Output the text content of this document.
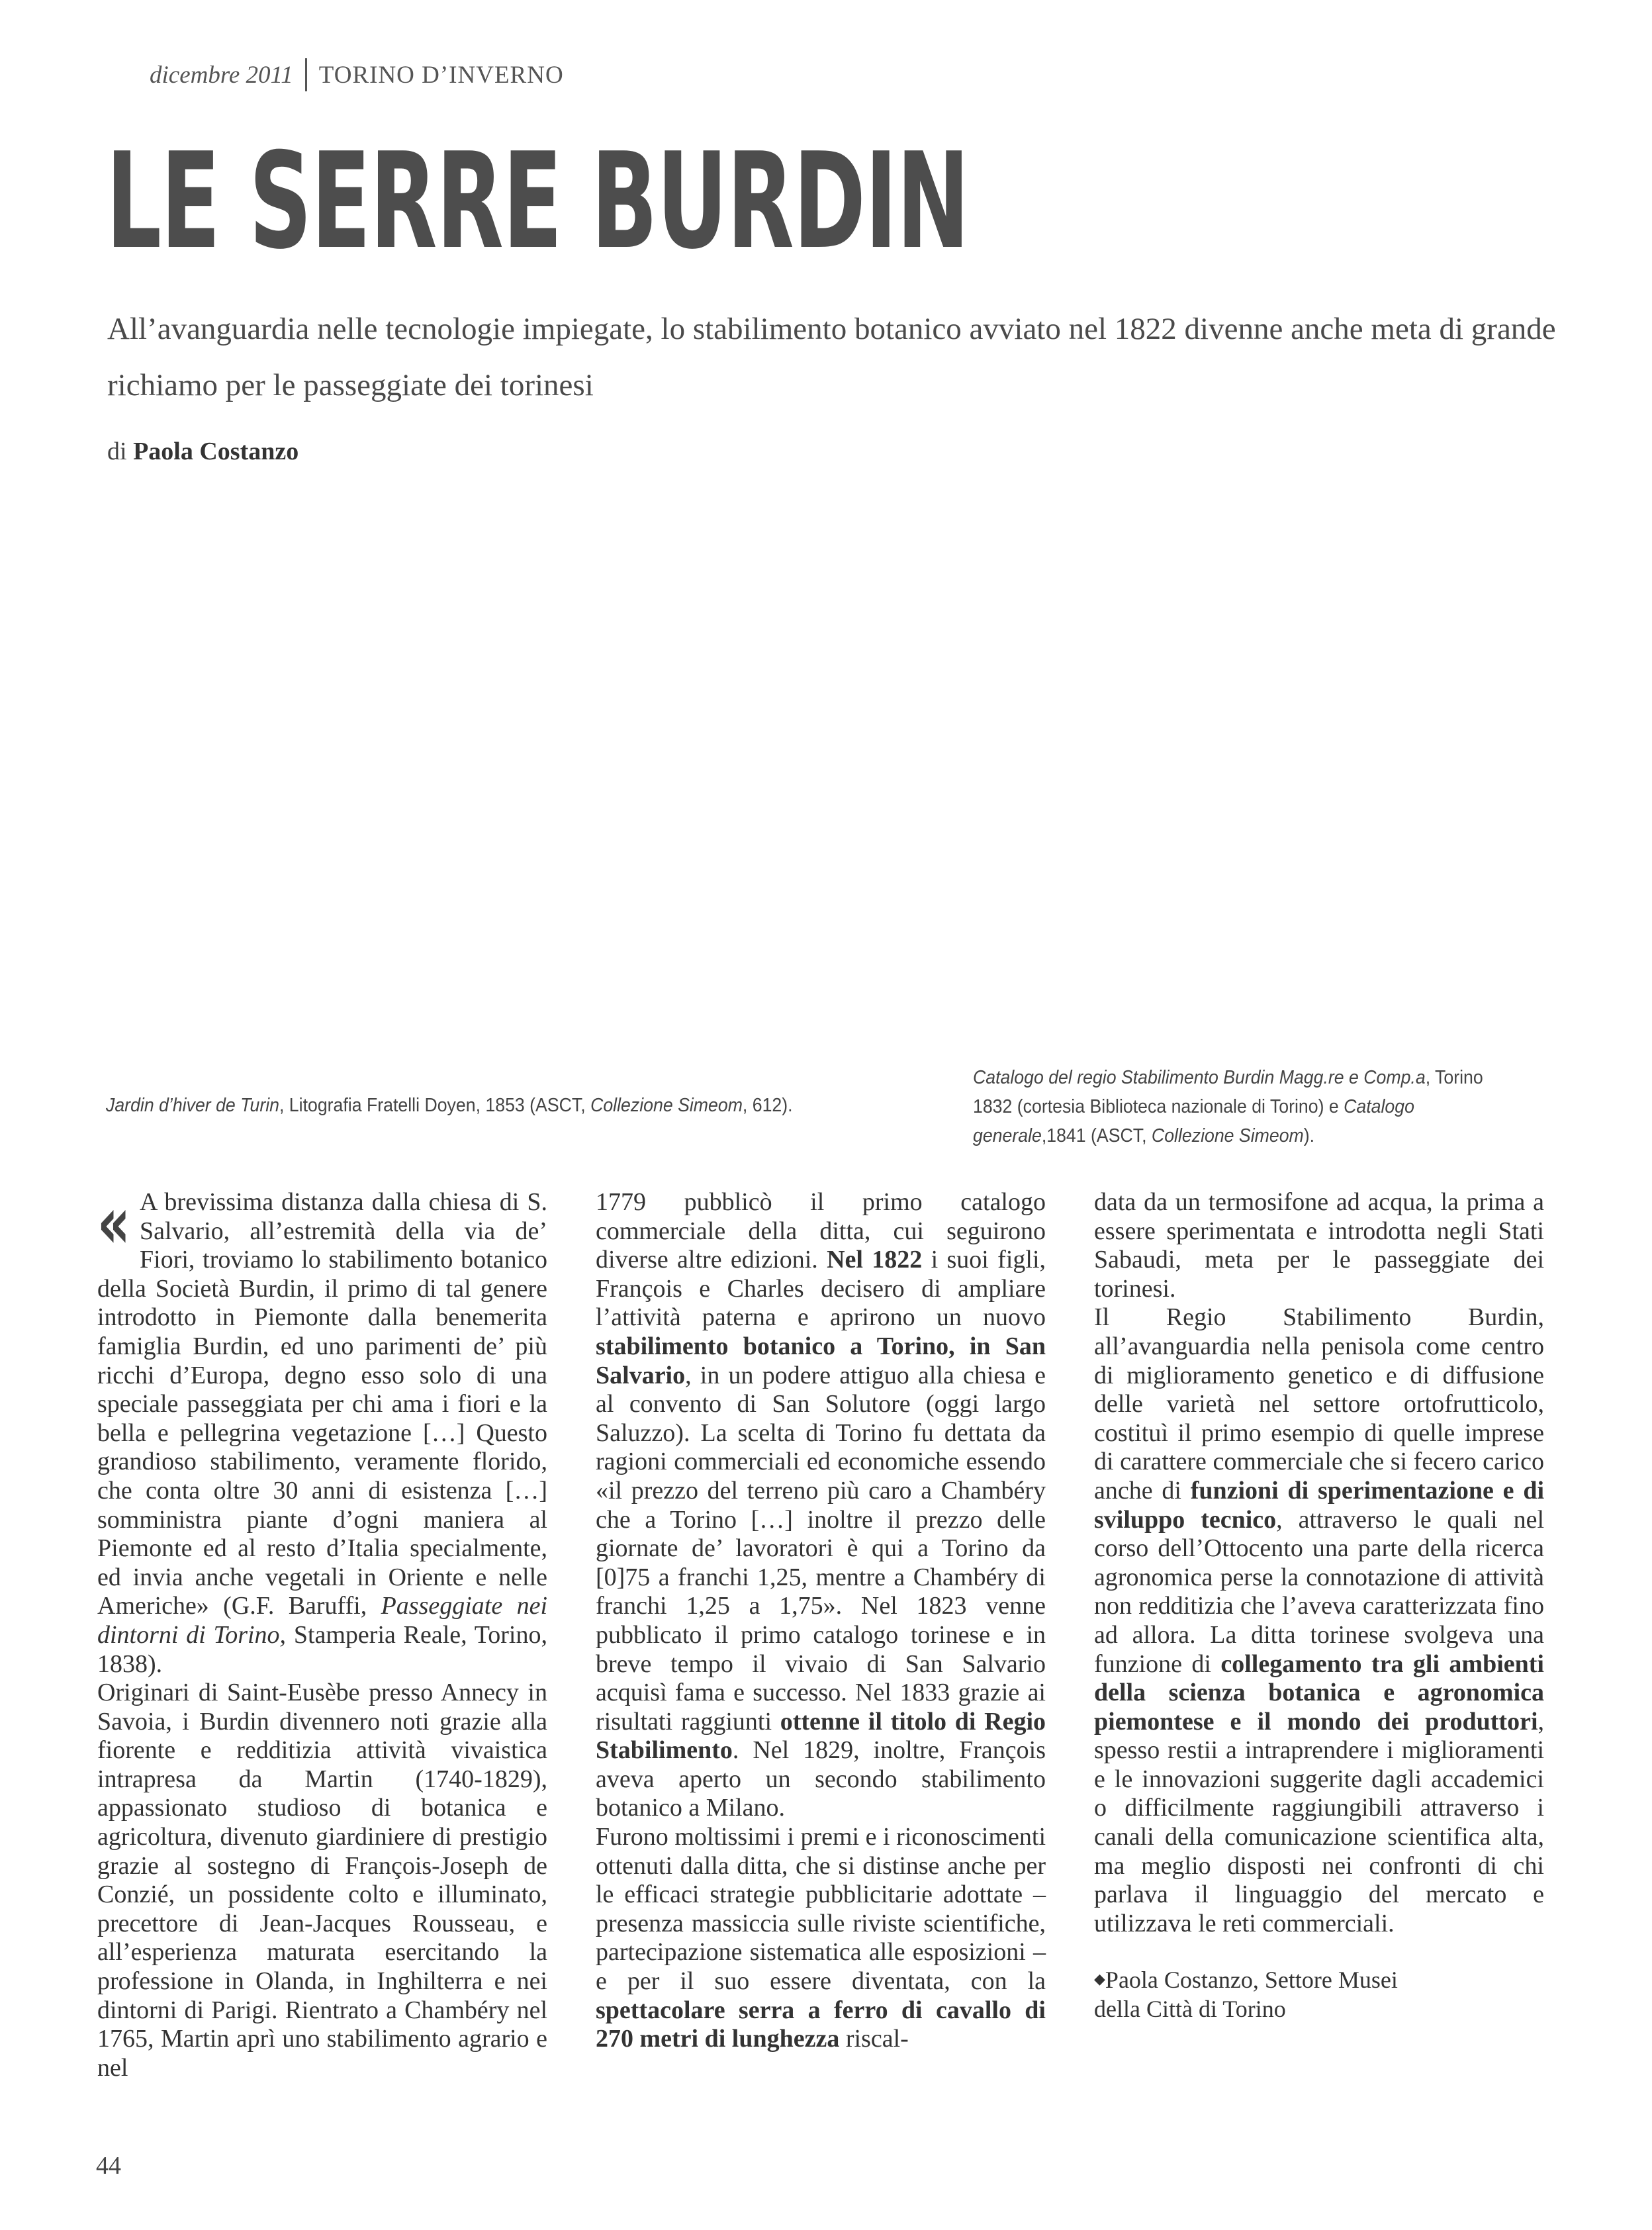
dicembre 2011 TORINO D’INVERNO
LE SERRE BURDIN
All’avanguardia nelle tecnologie impiegate, lo stabilimento botanico avviato nel 1822 divenne anche meta di grande richiamo per le passeggiate dei torinesi
di Paola Costanzo
Jardin d’hiver de Turin, Litografia Fratelli Doyen, 1853 (ASCT, Collezione Simeom, 612).
Catalogo del regio Stabilimento Burdin Magg.re e Comp.a, Torino 1832 (cortesia Biblioteca nazionale di Torino) e Catalogo generale,1841 (ASCT, Collezione Simeom).

« A brevissima distanza dalla chiesa di S. Salvario, all’estremità della via de’ Fiori, troviamo lo stabilimento botanico della Società Burdin, il primo di tal genere introdotto in Piemonte dalla benemerita famiglia Burdin, ed uno parimenti de’ più ricchi d’Europa, degno esso solo di una speciale passeggiata per chi ama i fiori e la bella e pellegrina vegetazione […] Questo grandioso stabilimento, veramente florido, che conta oltre 30 anni di esistenza […] somministra piante d’ogni maniera al Piemonte ed al resto d’Italia specialmente, ed invia anche vegetali in Oriente e nelle Americhe» (G.F. Baruffi, Passeggiate nei dintorni di Torino, Stamperia Reale, Torino, 1838).

Originari di Saint-Eusèbe presso Annecy in Savoia, i Burdin divennero noti grazie alla fiorente e redditizia attività vivaistica intrapresa da Martin (1740-1829), appassionato studioso di botanica e agricoltura, divenuto giardiniere di prestigio grazie al sostegno di François-Joseph de Conzié, un possidente colto e illuminato, precettore di Jean-Jacques Rousseau, e all’esperienza maturata esercitando la professione in Olanda, in Inghilterra e nei dintorni di Parigi. Rientrato a Chambéry nel 1765, Martin aprì uno stabilimento agrario e nel

1779 pubblicò il primo catalogo commerciale della ditta, cui seguirono diverse altre edizioni. Nel 1822 i suoi figli, François e Charles decisero di ampliare l’attività paterna e aprirono un nuovo stabilimento botanico a Torino, in San Salvario, in un podere attiguo alla chiesa e al convento di San Solutore (oggi largo Saluzzo). La scelta di Torino fu dettata da ragioni commerciali ed economiche essendo «il prezzo del terreno più caro a Chambéry che a Torino […] inoltre il prezzo delle giornate de’ lavoratori è qui a Torino da [0]75 a franchi 1,25, mentre a Chambéry di franchi 1,25 a 1,75». Nel 1823 venne pubblicato il primo catalogo torinese e in breve tempo il vivaio di San Salvario acquisì fama e successo. Nel 1833 grazie ai risultati raggiunti ottenne il titolo di Regio Stabilimento. Nel 1829, inoltre, François aveva aperto un secondo stabilimento botanico a Milano.

Furono moltissimi i premi e i riconoscimenti ottenuti dalla ditta, che si distinse anche per le efficaci strategie pubblicitarie adottate – presenza massiccia sulle riviste scientifiche, partecipazione sistematica alle esposizioni – e per il suo essere diventata, con la spettacolare serra a ferro di cavallo di 270 metri di lunghezza riscal-

data da un termosifone ad acqua, la prima a essere sperimentata e introdotta negli Stati Sabaudi, meta per le passeggiate dei torinesi.

Il Regio Stabilimento Burdin, all’avanguardia nella penisola come centro di miglioramento genetico e di diffusione delle varietà nel settore ortofrutticolo, costituì il primo esempio di quelle imprese di carattere commerciale che si fecero carico anche di funzioni di sperimentazione e di sviluppo tecnico, attraverso le quali nel corso dell’Ottocento una parte della ricerca agronomica perse la connotazione di attività non redditizia che l’aveva caratterizzata fino ad allora. La ditta torinese svolgeva una funzione di collegamento tra gli ambienti della scienza botanica e agronomica piemontese e il mondo dei produttori, spesso restii a intraprendere i miglioramenti e le innovazioni suggerite dagli accademici o difficilmente raggiungibili attraverso i canali della comunicazione scientifica alta, ma meglio disposti nei confronti di chi parlava il linguaggio del mercato e utilizzava le reti commerciali.

◆Paola Costanzo, Settore Musei
della Città di Torino
44
